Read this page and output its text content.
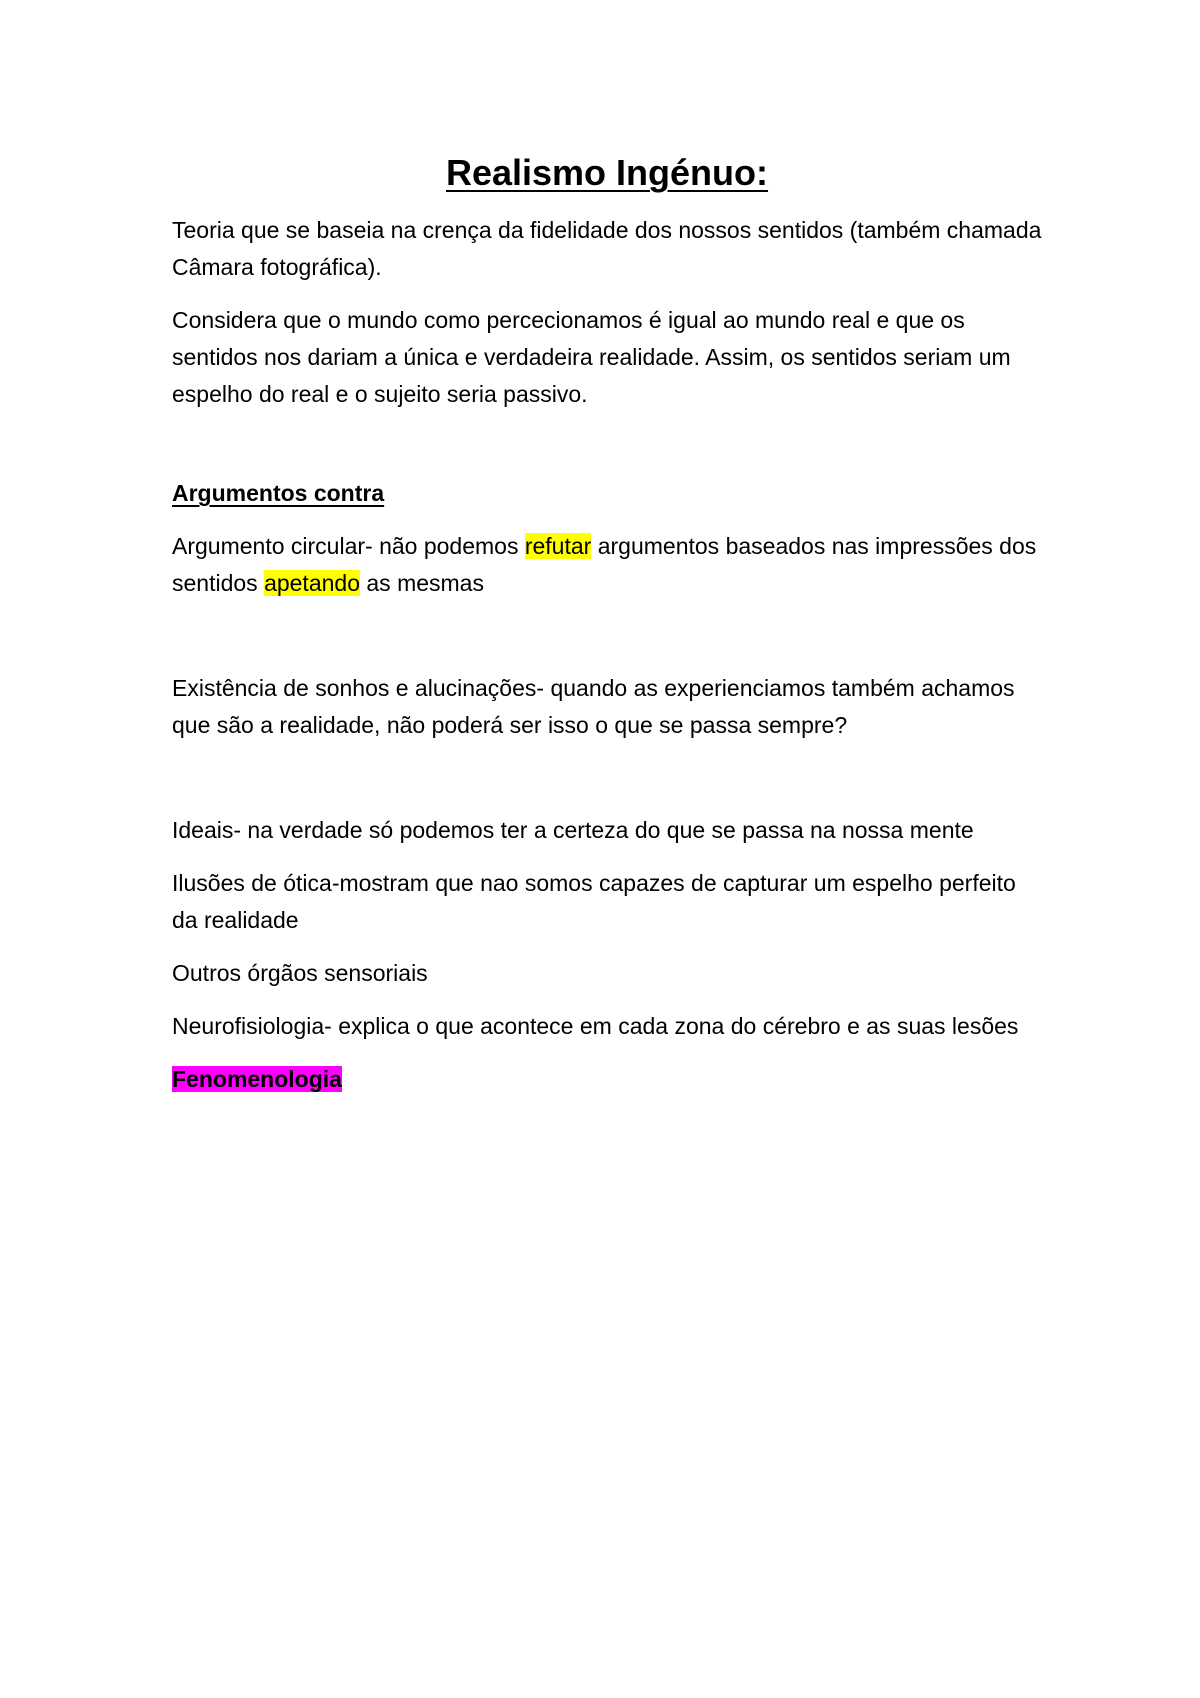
Realismo Ingénuo:

Teoria que se baseia na crença da fidelidade dos nossos sentidos (também chamada Câmara fotográfica).

Considera que o mundo como percecionamos é igual ao mundo real e que os sentidos nos dariam a única e verdadeira realidade. Assim, os sentidos seriam um espelho do real e o sujeito seria passivo.

Argumentos contra

Argumento circular- não podemos refutar argumentos baseados nas impressões dos sentidos apetando as mesmas

Existência de sonhos e alucinações- quando as experienciamos também achamos que são a realidade, não poderá ser isso o que se passa sempre?

Ideais- na verdade só podemos ter a certeza do que se passa na nossa mente

Ilusões de ótica-mostram que nao somos capazes de capturar um espelho perfeito da realidade

Outros órgãos sensoriais

Neurofisiologia- explica o que acontece em cada zona do cérebro e as suas lesões

Fenomenologia
